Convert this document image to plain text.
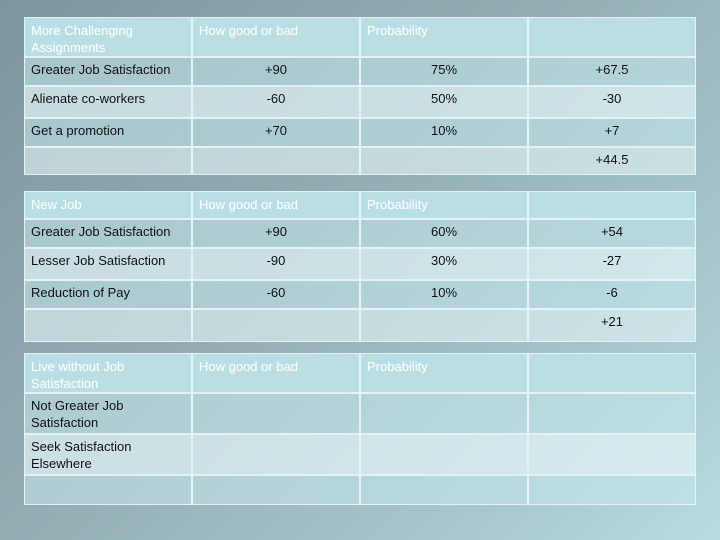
More Challenging Assignments	How good or bad	Probability	
Greater Job Satisfaction	+90	75%	+67.5
Alienate co-workers	-60	50%	-30
Get a promotion	+70	10%	+7
			+44.5
New Job	How good or bad	Probability	
Greater Job Satisfaction	+90	60%	+54
Lesser Job Satisfaction	-90	30%	-27
Reduction of Pay	-60	10%	-6
			+21
Live without Job Satisfaction	How good or bad	Probability	
Not Greater Job Satisfaction			
Seek Satisfaction Elsewhere			
